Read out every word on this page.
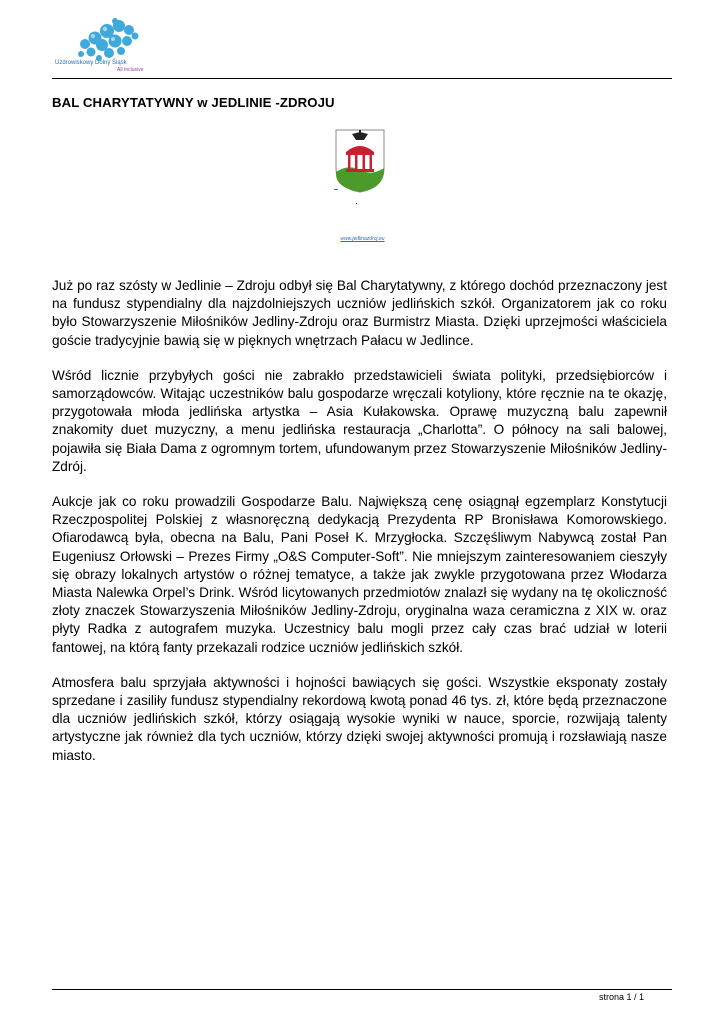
Uzdrowiskowy Dolny Śląsk
All Inclusive
BAL CHARYTATYWNY w JEDLINIE -ZDROJU
www.jedlinazdroj.eu

Już po raz szósty w Jedlinie – Zdroju odbył się Bal Charytatywny, z którego dochód przeznaczony jest na fundusz stypendialny dla najzdolniejszych uczniów jedlińskich szkół. Organizatorem jak co roku było Stowarzyszenie Miłośników Jedliny-Zdroju oraz Burmistrz Miasta. Dzięki uprzejmości właściciela goście tradycyjnie bawią się w pięknych wnętrzach Pałacu w Jedlince.

Wśród licznie przybyłych gości nie zabrakło przedstawicieli świata polityki, przedsiębiorców i samorządowców. Witając uczestników balu gospodarze wręczali kotyliony, które ręcznie na te okazję, przygotowała młoda jedlińska artystka – Asia Kułakowska. Oprawę muzyczną balu zapewnił znakomity duet muzyczny, a menu jedlińska restauracja „Charlotta”. O północy na sali balowej, pojawiła się Biała Dama z ogromnym tortem, ufundowanym przez Stowarzyszenie Miłośników Jedliny-Zdrój.

Aukcje jak co roku prowadzili Gospodarze Balu. Największą cenę osiągnął egzemplarz Konstytucji Rzeczpospolitej Polskiej z własnoręczną dedykacją Prezydenta RP Bronisława Komorowskiego. Ofiarodawcą była, obecna na Balu, Pani Poseł K. Mrzygłocka. Szczęśliwym Nabywcą został Pan Eugeniusz Orłowski – Prezes Firmy „O&S Computer-Soft”. Nie mniejszym zainteresowaniem cieszyły się obrazy lokalnych artystów o różnej tematyce, a także jak zwykle przygotowana przez Włodarza Miasta Nalewka Orpel’s Drink. Wśród licytowanych przedmiotów znalazł się wydany na tę okoliczność złoty znaczek Stowarzyszenia Miłośników Jedliny-Zdroju, oryginalna waza ceramiczna z XIX w. oraz płyty Radka z autografem muzyka. Uczestnicy balu mogli przez cały czas brać udział w loterii fantowej, na którą fanty przekazali rodzice uczniów jedlińskich szkół.

Atmosfera balu sprzyjała aktywności i hojności bawiących się gości. Wszystkie eksponaty zostały sprzedane i zasiliły fundusz stypendialny rekordową kwotą ponad 46 tys. zł, które będą przeznaczone dla uczniów jedlińskich szkół, którzy osiągają wysokie wyniki w nauce, sporcie, rozwijają talenty artystyczne jak również dla tych uczniów, którzy dzięki swojej aktywności promują i rozsławiają nasze miasto.

strona 1 / 1
